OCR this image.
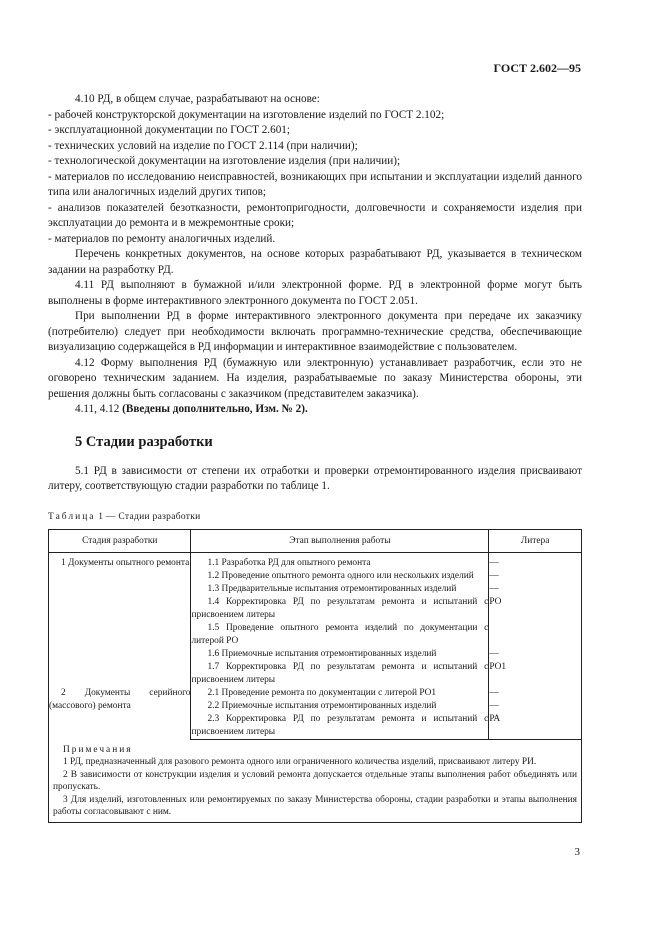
ГОСТ 2.602—95

4.10 РД, в общем случае, разрабатывают на основе:

- рабочей конструкторской документации на изготовление изделий по ГОСТ 2.102;

- эксплуатационной документации по ГОСТ 2.601;

- технических условий на изделие по ГОСТ 2.114 (при наличии);

- технологической документации на изготовление изделия (при наличии);

- материалов по исследованию неисправностей, возникающих при испытании и эксплуатации изделий данного типа или аналогичных изделий других типов;

- анализов показателей безотказности, ремонтопригодности, долговечности и сохраняемости изделия при эксплуатации до ремонта и в межремонтные сроки;

- материалов по ремонту аналогичных изделий.

Перечень конкретных документов, на основе которых разрабатывают РД, указывается в техническом задании на разработку РД.

4.11 РД выполняют в бумажной и/или электронной форме. РД в электронной форме могут быть выполнены в форме интерактивного электронного документа по ГОСТ 2.051.

При выполнении РД в форме интерактивного электронного документа при передаче их заказчику (потребителю) следует при необходимости включать программно-технические средства, обеспечивающие визуализацию содержащейся в РД информации и интерактивное взаимодействие с пользователем.

4.12 Форму выполнения РД (бумажную или электронную) устанавливает разработчик, если это не оговорено техническим заданием. На изделия, разрабатываемые по заказу Министерства обороны, эти решения должны быть согласованы с заказчиком (представителем заказчика).

4.11, 4.12 (Введены дополнительно, Изм. № 2).

5 Стадии разработки

5.1 РД в зависимости от степени их отработки и проверки отремонтированного изделия присваивают литеру, соответствующую стадии разработки по таблице 1.

Таблица 1 — Стадии разработки
Стадия разработки	Этап выполнения работы	Литера

1 Документы опытного ремонта	1.1 Разработка РД для опытного ремонта	—
	1.2 Проведение опытного ремонта одного или нескольких изделий	—
	1.3 Предварительные испытания отремонтированных изделий	—
	1.4 Корректировка РД по результатам ремонта и испытаний с присвоением литеры	РО
	1.5 Проведение опытного ремонта изделий по документации с литерой РО	
	1.6 Приемочные испытания отремонтированных изделий	—
	1.7 Корректировка РД по результатам ремонта и испытаний с присвоением литеры	РО1
2 Документы серийного (массового) ремонта	2.1 Проведение ремонта по документации с литерой РО1	—
	2.2 Приемочные испытания отремонтированных изделий	—
	2.3 Корректировка РД по результатам ремонта и испытаний с присвоением литеры	РА
Примечания
1 РД, предназначенный для разового ремонта одного или ограниченного количества изделий, присваивают литеру РИ.
2 В зависимости от конструкции изделия и условий ремонта допускается отдельные этапы выполнения работ объединять или пропускать.
3 Для изделий, изготовленных или ремонтируемых по заказу Министерства обороны, стадии разработки и этапы выполнения работы согласовывают с ним.
3
